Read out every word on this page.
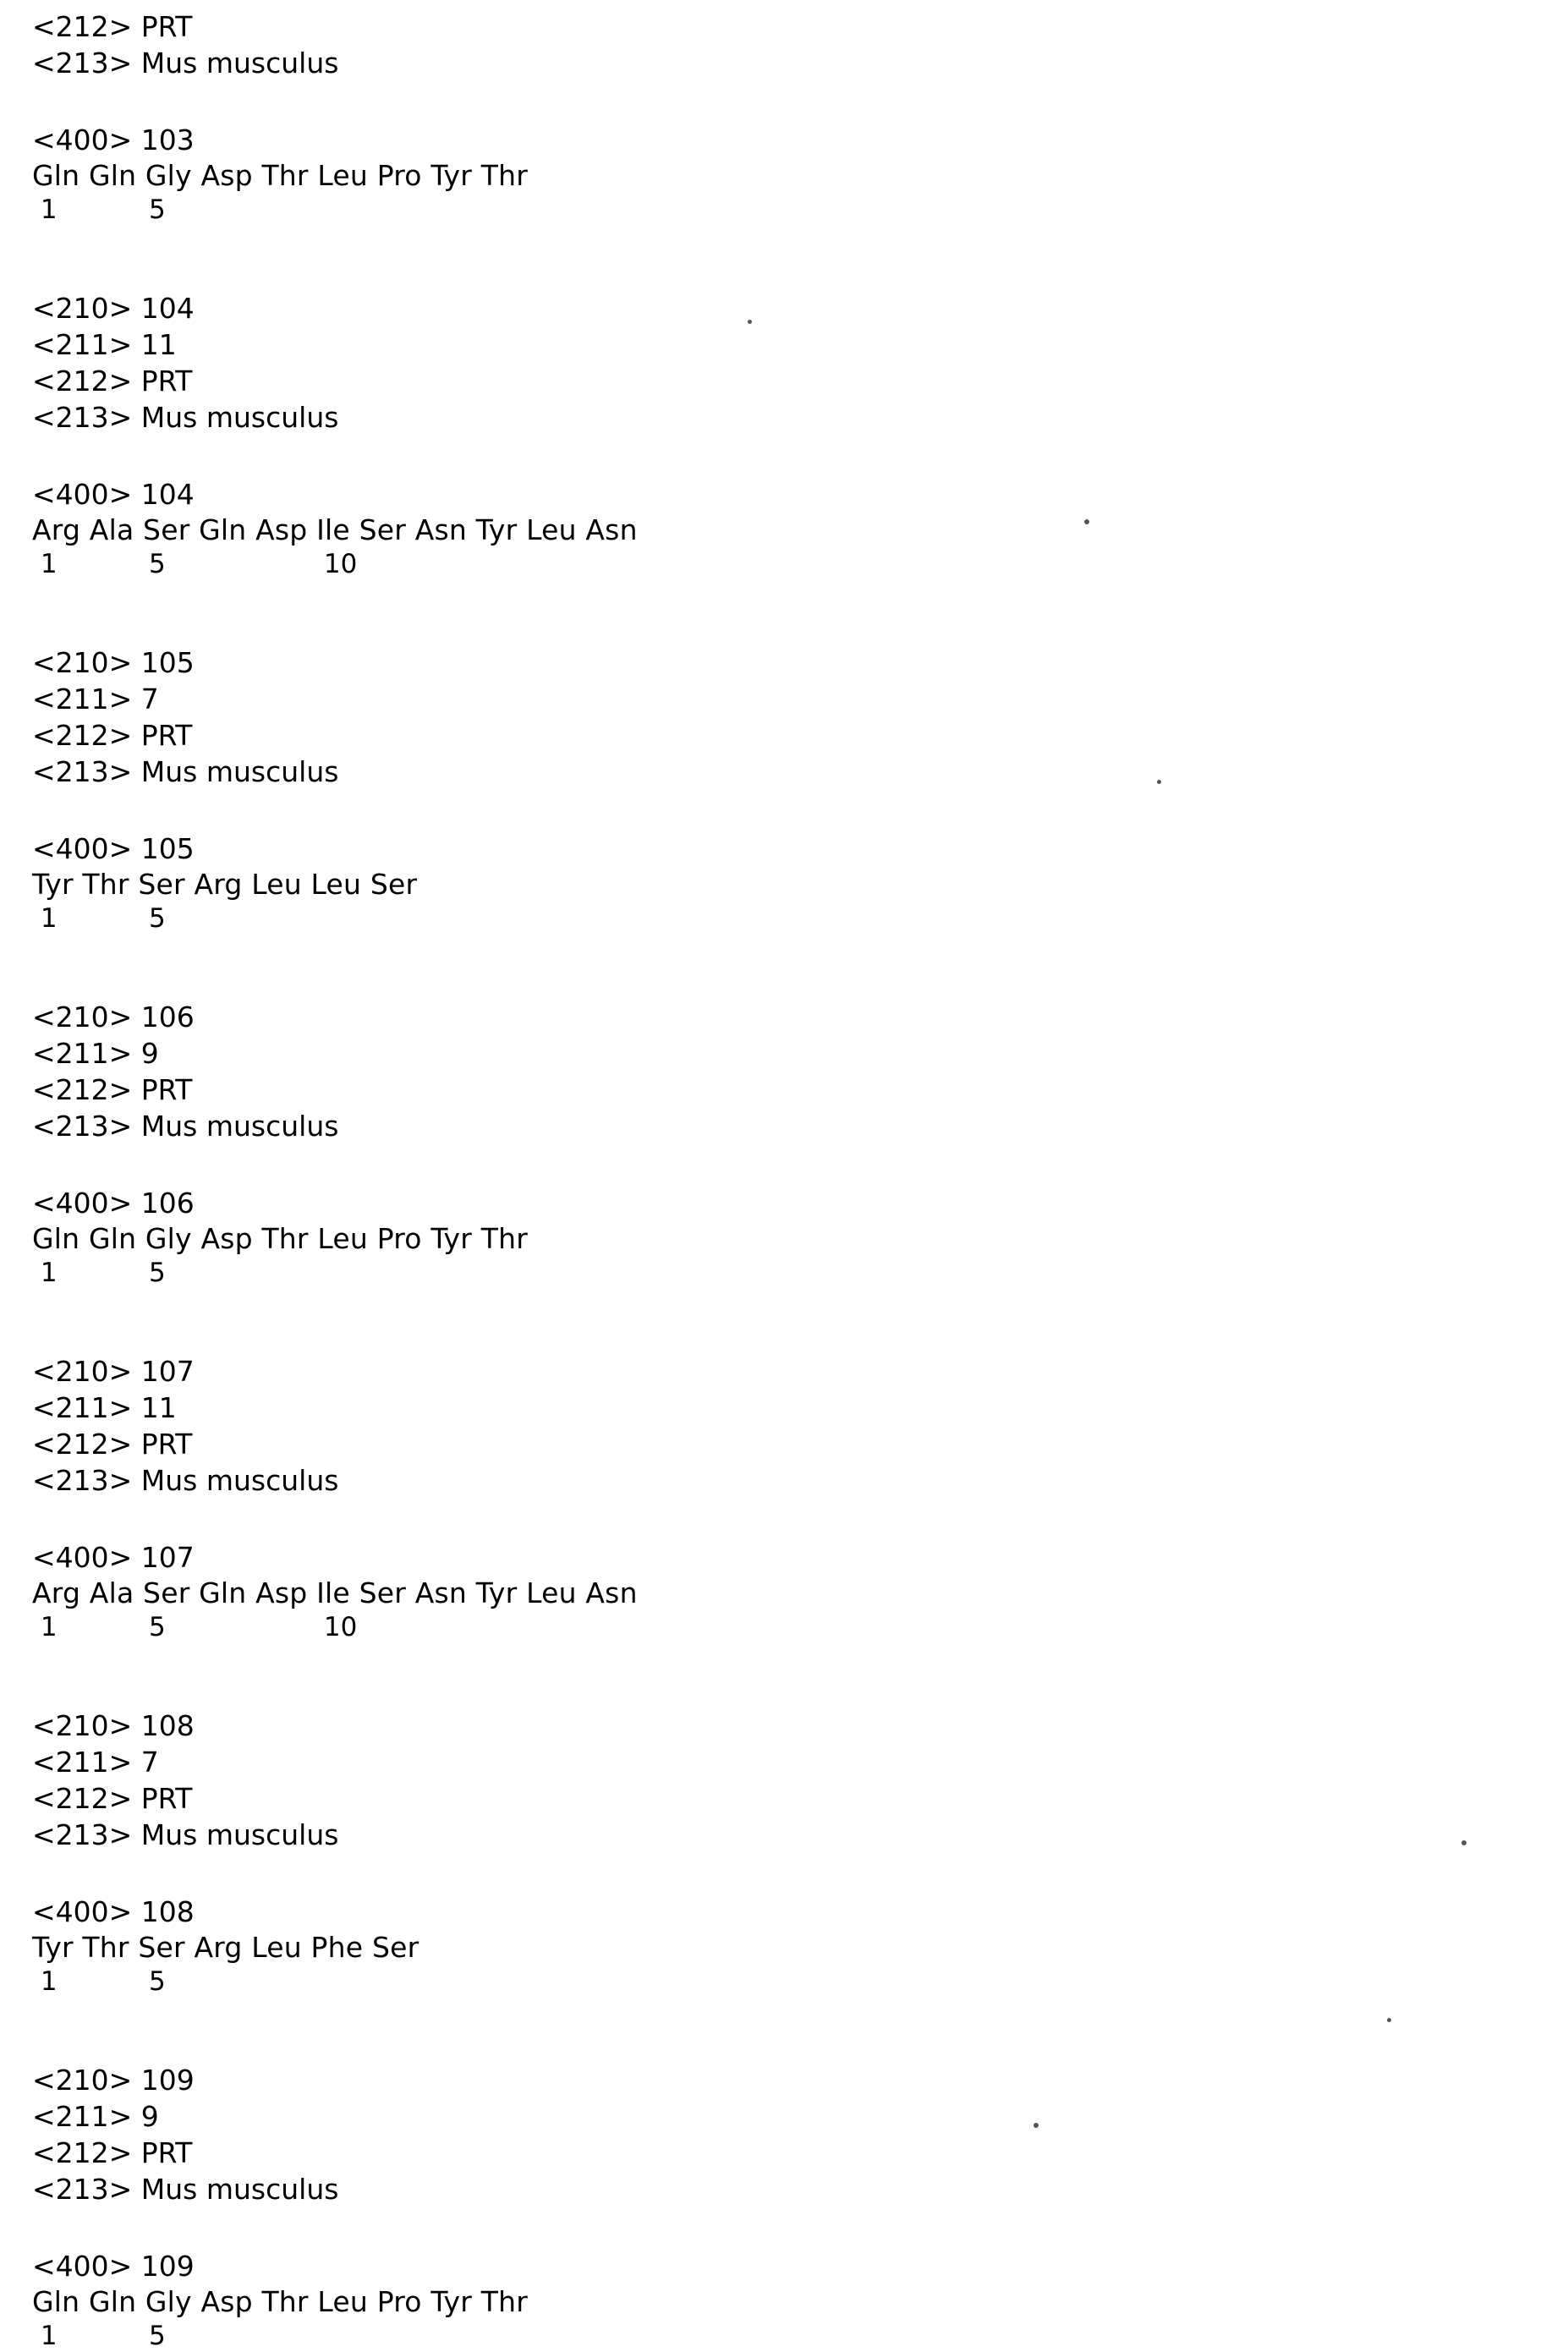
<212> PRT
<213> Mus musculus
<400> 103
Gln Gln Gly Asp Thr Leu Pro Tyr Thr
1           5
<210> 104
<211> 11
<212> PRT
<213> Mus musculus
<400> 104
Arg Ala Ser Gln Asp Ile Ser Asn Tyr Leu Asn
1           5                   10
<210> 105
<211> 7
<212> PRT
<213> Mus musculus
<400> 105
Tyr Thr Ser Arg Leu Leu Ser
1           5
<210> 106
<211> 9
<212> PRT
<213> Mus musculus
<400> 106
Gln Gln Gly Asp Thr Leu Pro Tyr Thr
1           5
<210> 107
<211> 11
<212> PRT
<213> Mus musculus
<400> 107
Arg Ala Ser Gln Asp Ile Ser Asn Tyr Leu Asn
1           5                   10
<210> 108
<211> 7
<212> PRT
<213> Mus musculus
<400> 108
Tyr Thr Ser Arg Leu Phe Ser
1           5
<210> 109
<211> 9
<212> PRT
<213> Mus musculus
<400> 109
Gln Gln Gly Asp Thr Leu Pro Tyr Thr
1           5
